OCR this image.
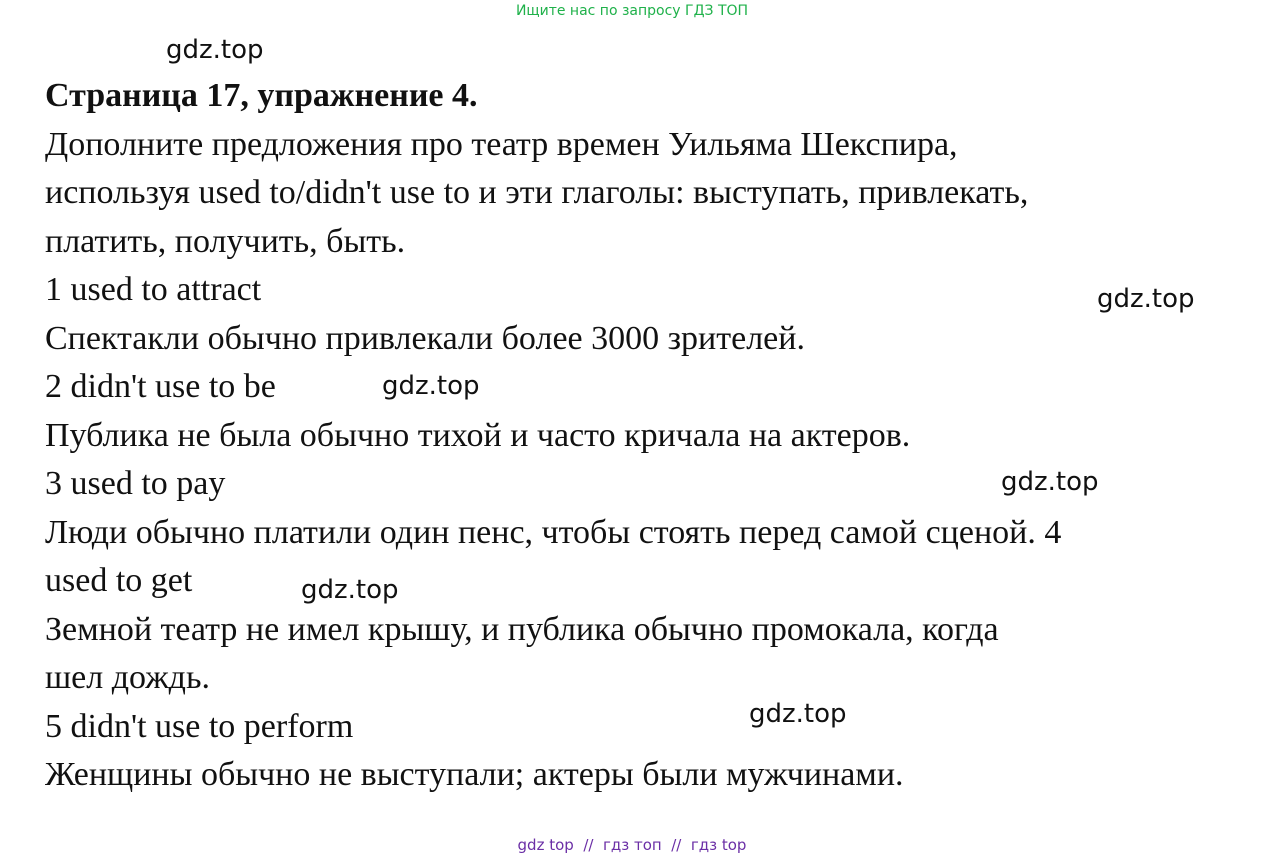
Ищите нас по запросу ГДЗ ТОП
gdz.top
gdz.top
gdz.top
gdz.top
gdz.top
gdz.top
Страница 17, упражнение 4.
Дополните предложения про театр времен Уильяма Шекспира,
используя used to/didn't use to и эти глаголы: выступать, привлекать,
платить, получить, быть.
1 used to attract
Спектакли обычно привлекали более 3000 зрителей.
2 didn't use to be
Публика не была обычно тихой и часто кричала на актеров.
3 used to pay
Люди обычно платили один пенс, чтобы стоять перед самой сценой. 4
used to get
Земной театр не имел крышу, и публика обычно промокала, когда
шел дождь.
5 didn't use to perform
Женщины обычно не выступали; актеры были мужчинами.
gdz top  //  гдз топ  //  гдз top
